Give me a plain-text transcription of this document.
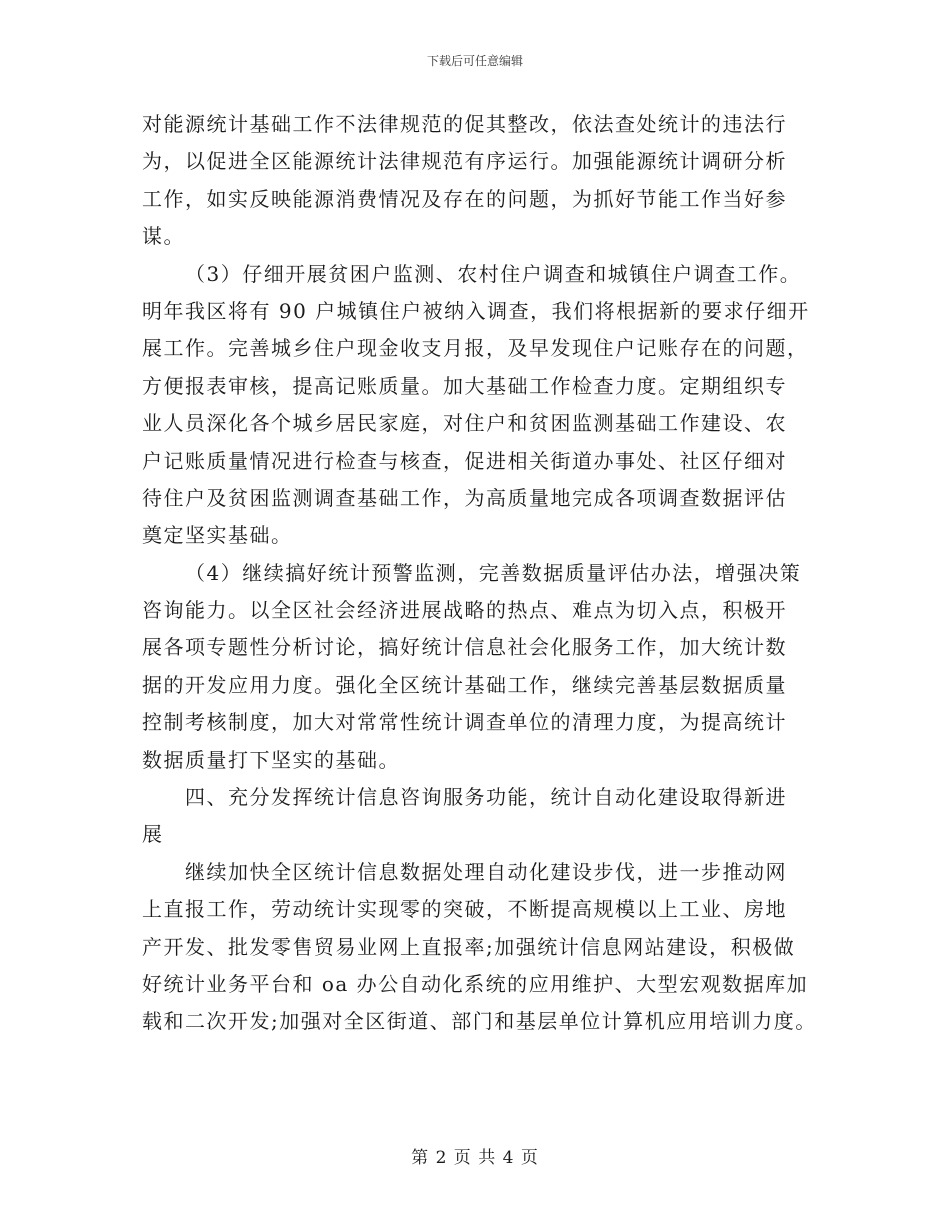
下载后可任意编辑
对能源统计基础工作不法律规范的促其整改，依法查处统计的违法行
为，以促进全区能源统计法律规范有序运行。加强能源统计调研分析
工作，如实反映能源消费情况及存在的问题，为抓好节能工作当好参
谋。
（3）仔细开展贫困户监测、农村住户调查和城镇住户调查工作。
明年我区将有 90 户城镇住户被纳入调查，我们将根据新的要求仔细开
展工作。完善城乡住户现金收支月报，及早发现住户记账存在的问题，
方便报表审核，提高记账质量。加大基础工作检查力度。定期组织专
业人员深化各个城乡居民家庭，对住户和贫困监测基础工作建设、农
户记账质量情况进行检查与核查，促进相关街道办事处、社区仔细对
待住户及贫困监测调查基础工作，为高质量地完成各项调查数据评估
奠定坚实基础。
（4）继续搞好统计预警监测，完善数据质量评估办法，增强决策
咨询能力。以全区社会经济进展战略的热点、难点为切入点，积极开
展各项专题性分析讨论，搞好统计信息社会化服务工作，加大统计数
据的开发应用力度。强化全区统计基础工作，继续完善基层数据质量
控制考核制度，加大对常常性统计调查单位的清理力度，为提高统计
数据质量打下坚实的基础。
四、充分发挥统计信息咨询服务功能，统计自动化建设取得新进
展
继续加快全区统计信息数据处理自动化建设步伐，进一步推动网
上直报工作，劳动统计实现零的突破，不断提高规模以上工业、房地
产开发、批发零售贸易业网上直报率;加强统计信息网站建设，积极做
好统计业务平台和 oa 办公自动化系统的应用维护、大型宏观数据库加
载和二次开发;加强对全区街道、部门和基层单位计算机应用培训力度。
第 2 页 共 4 页
